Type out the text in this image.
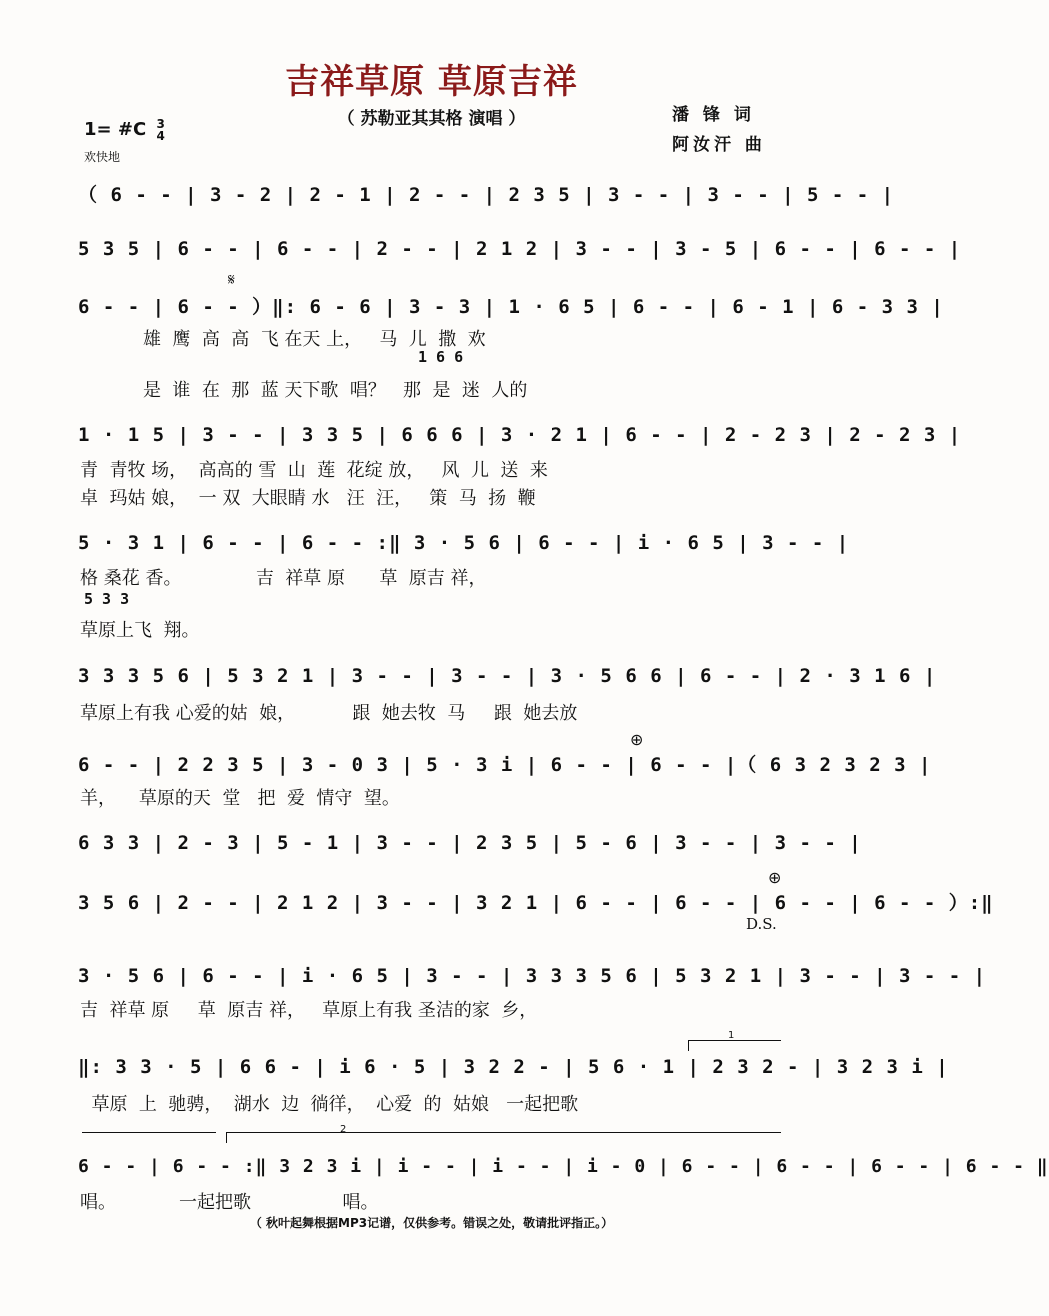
吉祥草原 草原吉祥
（ 苏勒亚其其格 演唱 ）	潘 锋 词
阿汝汗 曲
1= #C 3
4
欢快地
（ 6 - - | 3 - 2 | 2 - 1 | 2 - - | 2 3 5 | 3 - - | 3 - - | 5 - - |
5 3 5 | 6 - - | 6 - - | 2 - - | 2 1 2 | 3 - - | 3 - 5 | 6 - - | 6 - - |
𝄋
6 - - | 6 - - ）‖: 6 - 6 | 3 - 3 | 1 · 6 5 | 6 - - | 6 - 1 | 6 - 3 3 |
雄  鹰  高  高  飞 在天 上，   马  儿  撒  欢
1 6 6
是  谁  在  那  蓝 天下歌  唱？   那  是  迷  人的
1 · 1 5 | 3 - - | 3 3 5 | 6 6 6 | 3 · 2 1 | 6 - - | 2 - 2 3 | 2 - 2 3 |
青  青牧 场，  高高的 雪  山  莲  花绽 放，   风  儿  送  来
卓  玛姑 娘，  一 双  大眼睛 水   汪  汪，   策  马  扬  鞭
5 · 3 1 | 6 - - | 6 - - :‖ 3 · 5 6 | 6 - - | i · 6 5 | 3 - - |
格 桑花 香。             吉  祥草 原      草  原吉 祥，
5 3 3
草原上飞  翔。
3 3 3 5 6 | 5 3 2 1 | 3 - - | 3 - - | 3 · 5 6 6 | 6 - - | 2 · 3 1 6 |
草原上有我 心爱的姑  娘，          跟  她去牧  马     跟  她去放
⊕
6 - - | 2 2 3 5 | 3 - 0 3 | 5 · 3 i | 6 - - | 6 - - |（ 6 3 2 3 2 3 |
羊，    草原的天  堂   把  爱  情守  望。
6 3 3 | 2 - 3 | 5 - 1 | 3 - - | 2 3 5 | 5 - 6 | 3 - - | 3 - - |
⊕
3 5 6 | 2 - - | 2 1 2 | 3 - - | 3 2 1 | 6 - - | 6 - - | 6 - - | 6 - - ）:‖
D.S.
3 · 5 6 | 6 - - | i · 6 5 | 3 - - | 3 3 3 5 6 | 5 3 2 1 | 3 - - | 3 - - |
吉  祥草 原     草  原吉 祥，   草原上有我 圣洁的家  乡，
1
‖: 3 3 · 5 | 6 6 - | i 6 · 5 | 3 2 2 - | 5 6 · 1 | 2 3 2 - | 3 2 3 i |
草原  上  驰骋，  湖水  边  徜徉，  心爱  的  姑娘   一起把歌
2
6 - - | 6 - - :‖ 3 2 3 i | i - - | i - - | i - 0 | 6 - - | 6 - - | 6 - - | 6 - - ‖
唱。           一起把歌                唱。
（ 秋叶起舞根据MP3记谱，仅供参考。错误之处，敬请批评指正。）
